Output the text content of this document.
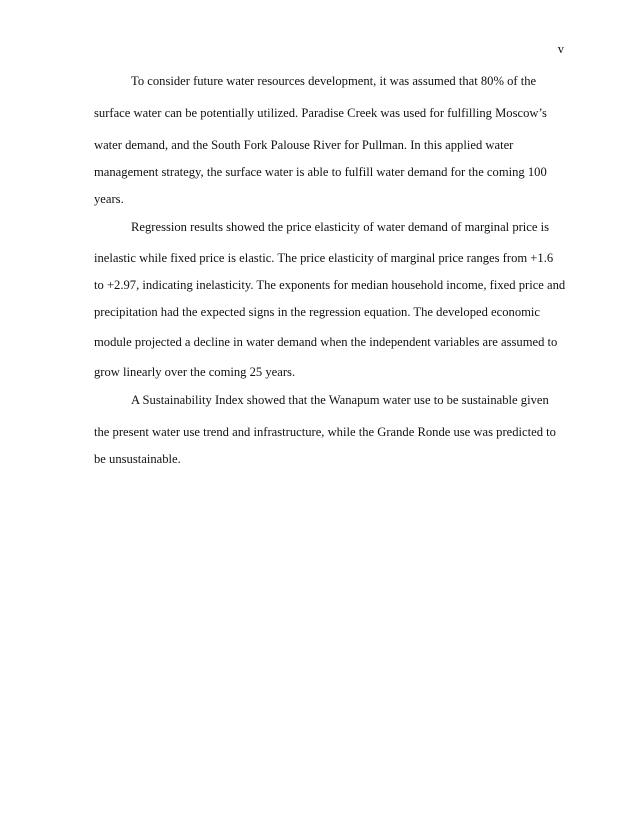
v
To consider future water resources development, it was assumed that 80% of the
surface water can be potentially utilized. Paradise Creek was used for fulfilling Moscow’s
water demand, and the South Fork Palouse River for Pullman. In this applied water
management strategy, the surface water is able to fulfill water demand for the coming 100
years.
Regression results showed the price elasticity of water demand of marginal price is
inelastic while fixed price is elastic. The price elasticity of marginal price ranges from +1.6
to +2.97, indicating inelasticity. The exponents for median household income, fixed price and
precipitation had the expected signs in the regression equation. The developed economic
module projected a decline in water demand when the independent variables are assumed to
grow linearly over the coming 25 years.
A Sustainability Index showed that the Wanapum water use to be sustainable given
the present water use trend and infrastructure, while the Grande Ronde use was predicted to
be unsustainable.
